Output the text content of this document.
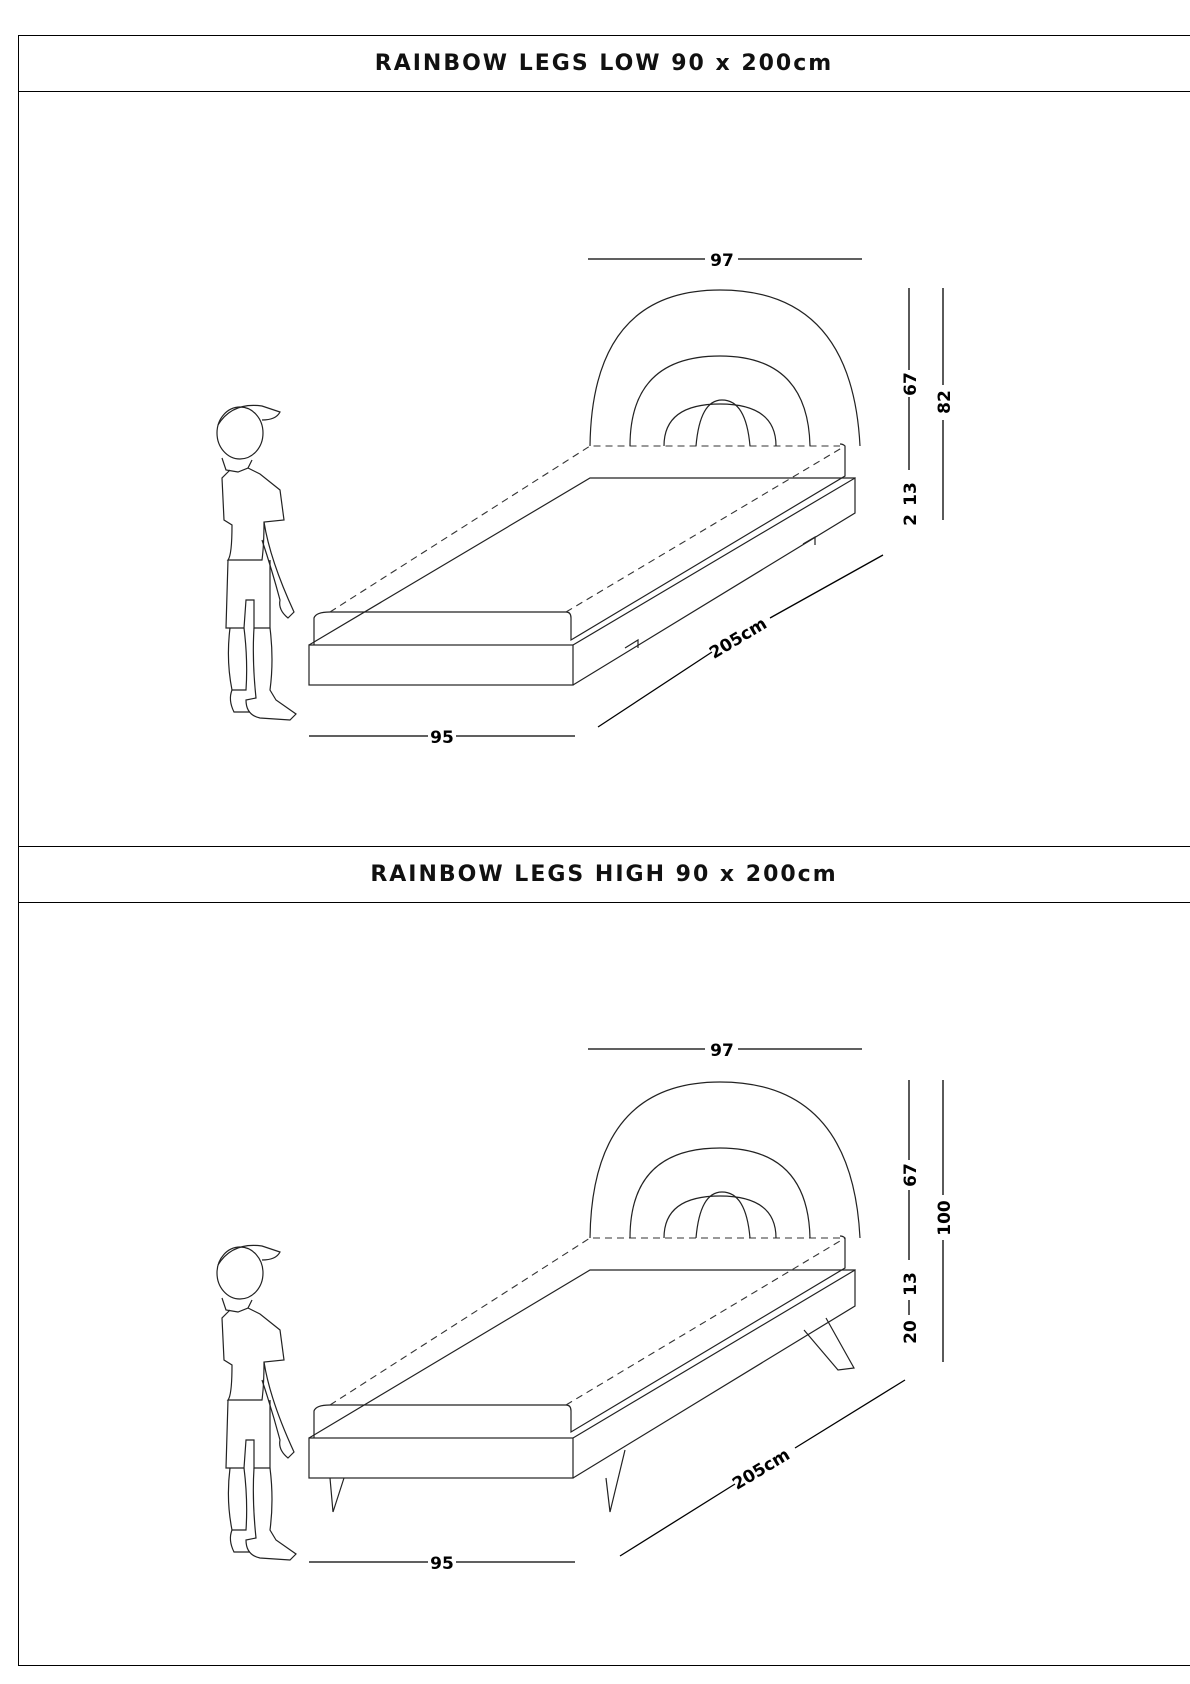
RAINBOW LEGS LOW 90 x 200cm
RAINBOW LEGS HIGH 90 x 200cm
97
67
13
2
82
205cm
95
97
67
13
20
100
205cm
95
